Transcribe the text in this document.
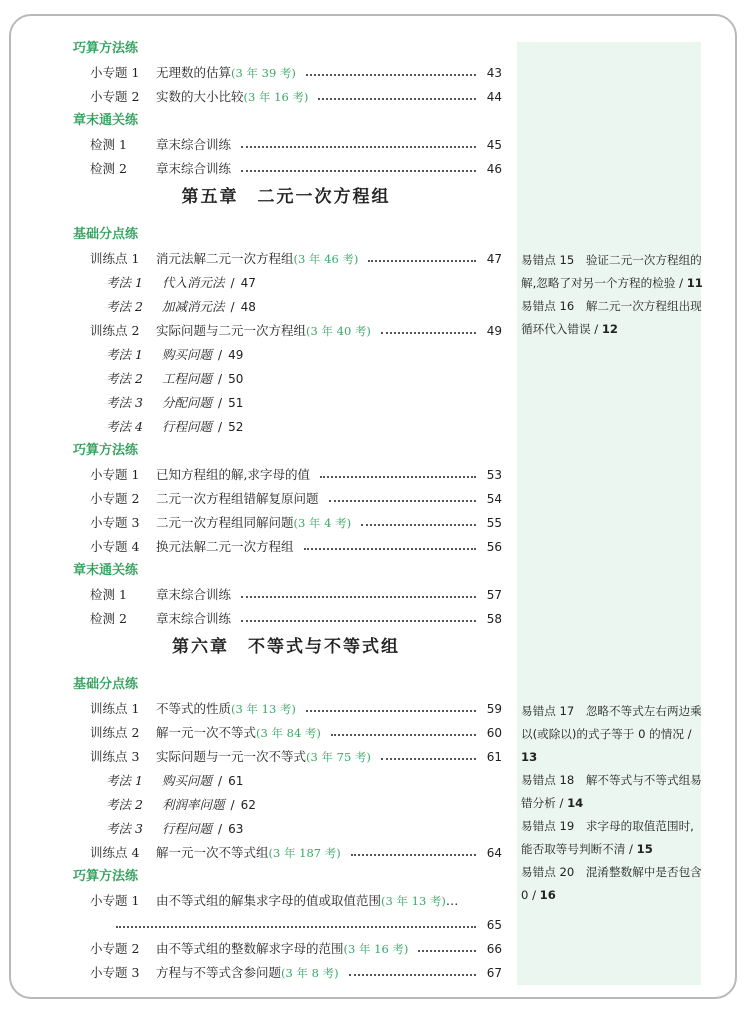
巧算方法练
小专题 1	无理数的估算 (3 年 39 考)	43
小专题 2	实数的大小比较 (3 年 16 考)	44
章末通关练
检测 1	章末综合训练	45
检测 2	章末综合训练	46
第五章　二元一次方程组
基础分点练
训练点 1	消元法解二元一次方程组 (3 年 46 考)	47
考法 1	代入消元法 / 47
考法 2	加减消元法 / 48
训练点 2	实际问题与二元一次方程组 (3 年 40 考)	49
考法 1	购买问题 / 49
考法 2	工程问题 / 50
考法 3	分配问题 / 51
考法 4	行程问题 / 52
巧算方法练
小专题 1	已知方程组的解,求字母的值	53
小专题 2	二元一次方程组错解复原问题	54
小专题 3	二元一次方程组同解问题 (3 年 4 考)	55
小专题 4	换元法解二元一次方程组	56
章末通关练
检测 1	章末综合训练	57
检测 2	章末综合训练	58
第六章　不等式与不等式组
基础分点练
训练点 1	不等式的性质 (3 年 13 考)	59
训练点 2	解一元一次不等式 (3 年 84 考)	60
训练点 3	实际问题与一元一次不等式 (3 年 75 考)	61
考法 1	购买问题 / 61
考法 2	利润率问题 / 62
考法 3	行程问题 / 63
训练点 4	解一元一次不等式组 (3 年 187 考)	64
巧算方法练
小专题 1	由不等式组的解集求字母的值或取值范围 (3 年 13 考) …
65
小专题 2	由不等式组的整数解求字母的范围 (3 年 16 考)	66
小专题 3	方程与不等式含参问题 (3 年 8 考)	67
易错点 15  验证二元一次方程组的解,忽略了对另一个方程的检验 / 11
易错点 16  解二元一次方程组出现循环代入错误 / 12
易错点 17  忽略不等式左右两边乘以(或除以)的式子等于 0 的情况 / 13
易错点 18  解不等式与不等式组易错分析 / 14
易错点 19  求字母的取值范围时,能否取等号判断不清 / 15
易错点 20  混淆整数解中是否包含 0 / 16
